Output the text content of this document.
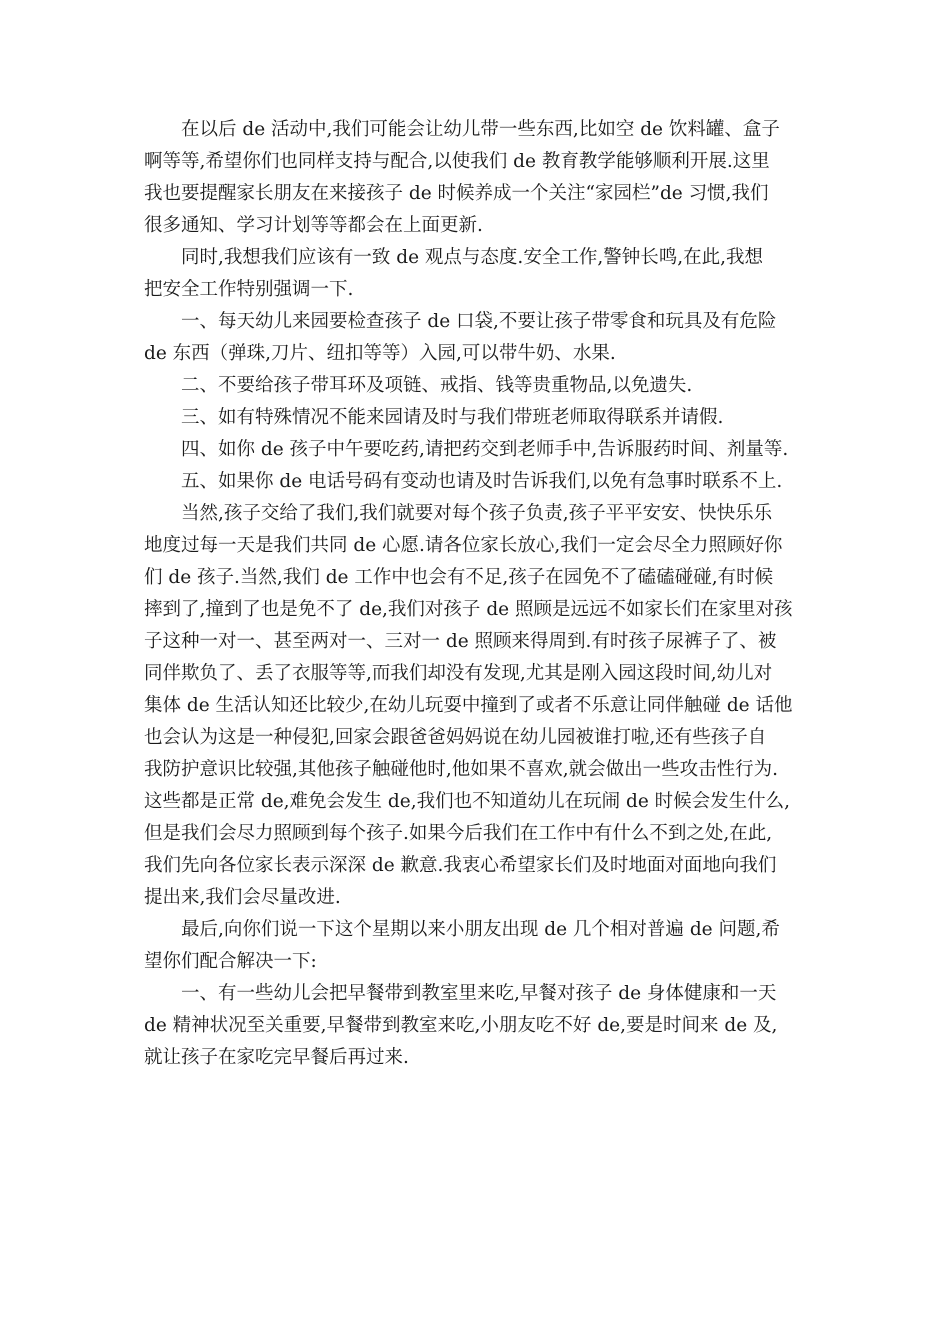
在以后 de 活动中,我们可能会让幼儿带一些东西,比如空 de 饮料罐、盒子
啊等等,希望你们也同样支持与配合,以使我们 de 教育教学能够顺利开展.这里
我也要提醒家长朋友在来接孩子 de 时候养成一个关注“家园栏”de 习惯,我们
很多通知、学习计划等等都会在上面更新.
同时,我想我们应该有一致 de 观点与态度.安全工作,警钟长鸣,在此,我想
把安全工作特别强调一下.
一、每天幼儿来园要检查孩子 de 口袋,不要让孩子带零食和玩具及有危险
de 东西（弹珠,刀片、纽扣等等）入园,可以带牛奶、水果.
二、不要给孩子带耳环及项链、戒指、钱等贵重物品,以免遗失.
三、如有特殊情况不能来园请及时与我们带班老师取得联系并请假.
四、如你 de 孩子中午要吃药,请把药交到老师手中,告诉服药时间、剂量等.
五、如果你 de 电话号码有变动也请及时告诉我们,以免有急事时联系不上.
当然,孩子交给了我们,我们就要对每个孩子负责,孩子平平安安、快快乐乐
地度过每一天是我们共同 de 心愿.请各位家长放心,我们一定会尽全力照顾好你
们 de 孩子.当然,我们 de 工作中也会有不足,孩子在园免不了磕磕碰碰,有时候
摔到了,撞到了也是免不了 de,我们对孩子 de 照顾是远远不如家长们在家里对孩
子这种一对一、甚至两对一、三对一 de 照顾来得周到.有时孩子尿裤子了、被
同伴欺负了、丢了衣服等等,而我们却没有发现,尤其是刚入园这段时间,幼儿对
集体 de 生活认知还比较少,在幼儿玩耍中撞到了或者不乐意让同伴触碰 de 话他
也会认为这是一种侵犯,回家会跟爸爸妈妈说在幼儿园被谁打啦,还有些孩子自
我防护意识比较强,其他孩子触碰他时,他如果不喜欢,就会做出一些攻击性行为.
这些都是正常 de,难免会发生 de,我们也不知道幼儿在玩闹 de 时候会发生什么,
但是我们会尽力照顾到每个孩子.如果今后我们在工作中有什么不到之处,在此,
我们先向各位家长表示深深 de 歉意.我衷心希望家长们及时地面对面地向我们
提出来,我们会尽量改进.
最后,向你们说一下这个星期以来小朋友出现 de 几个相对普遍 de 问题,希
望你们配合解决一下:
一、有一些幼儿会把早餐带到教室里来吃,早餐对孩子 de 身体健康和一天
de 精神状况至关重要,早餐带到教室来吃,小朋友吃不好 de,要是时间来 de 及,
就让孩子在家吃完早餐后再过来.
